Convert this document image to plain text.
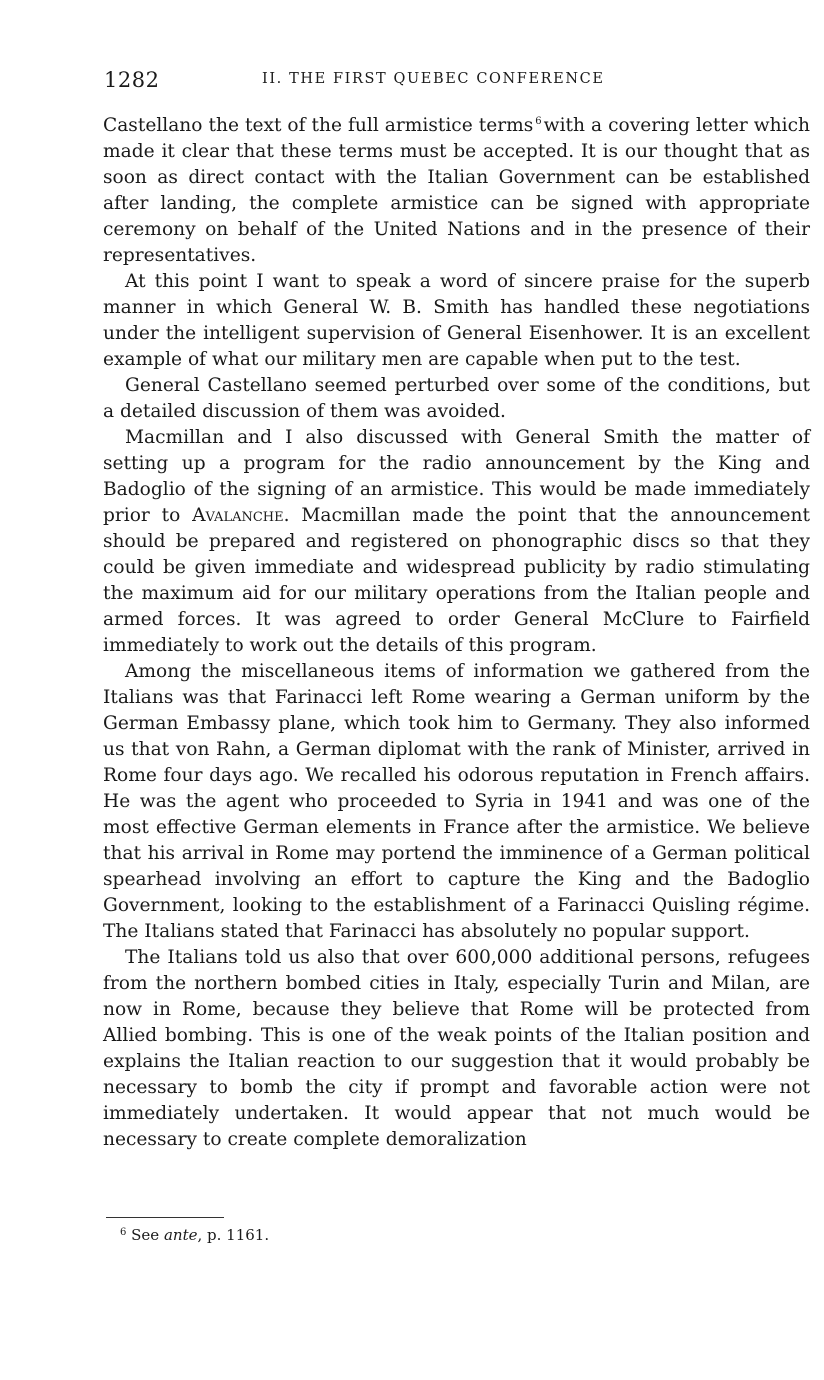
1282	II. THE FIRST QUEBEC CONFERENCE

Castellano the text of the full armistice terms $^6$ with a covering letter which made it clear that these terms must be accepted. It is our thought that as soon as direct contact with the Italian Government can be established after landing, the complete armistice can be signed with appropriate ceremony on behalf of the United Nations and in the presence of their representatives.

At this point I want to speak a word of sincere praise for the superb manner in which General W. B. Smith has handled these negotiations under the intelligent supervision of General Eisenhower. It is an excellent example of what our military men are capable when put to the test.

General Castellano seemed perturbed over some of the conditions, but a detailed discussion of them was avoided.

Macmillan and I also discussed with General Smith the matter of setting up a program for the radio announcement by the King and Badoglio of the signing of an armistice. This would be made immediately prior to Avalanche. Macmillan made the point that the announcement should be prepared and registered on phonographic discs so that they could be given immediate and widespread publicity by radio stimulating the maximum aid for our military operations from the Italian people and armed forces. It was agreed to order General McClure to Fairfield immediately to work out the details of this program.

Among the miscellaneous items of information we gathered from the Italians was that Farinacci left Rome wearing a German uniform by the German Embassy plane, which took him to Germany. They also informed us that von Rahn, a German diplomat with the rank of Minister, arrived in Rome four days ago. We recalled his odorous reputation in French affairs. He was the agent who proceeded to Syria in 1941 and was one of the most effective German elements in France after the armistice. We believe that his arrival in Rome may portend the imminence of a German political spearhead involving an effort to capture the King and the Badoglio Government, looking to the establishment of a Farinacci Quisling régime. The Italians stated that Farinacci has absolutely no popular support.

The Italians told us also that over 600,000 additional persons, refugees from the northern bombed cities in Italy, especially Turin and Milan, are now in Rome, because they believe that Rome will be protected from Allied bombing. This is one of the weak points of the Italian position and explains the Italian reaction to our suggestion that it would probably be necessary to bomb the city if prompt and favorable action were not immediately undertaken. It would appear that not much would be necessary to create complete demoralization

$^6$ See ante, p. 1161.
